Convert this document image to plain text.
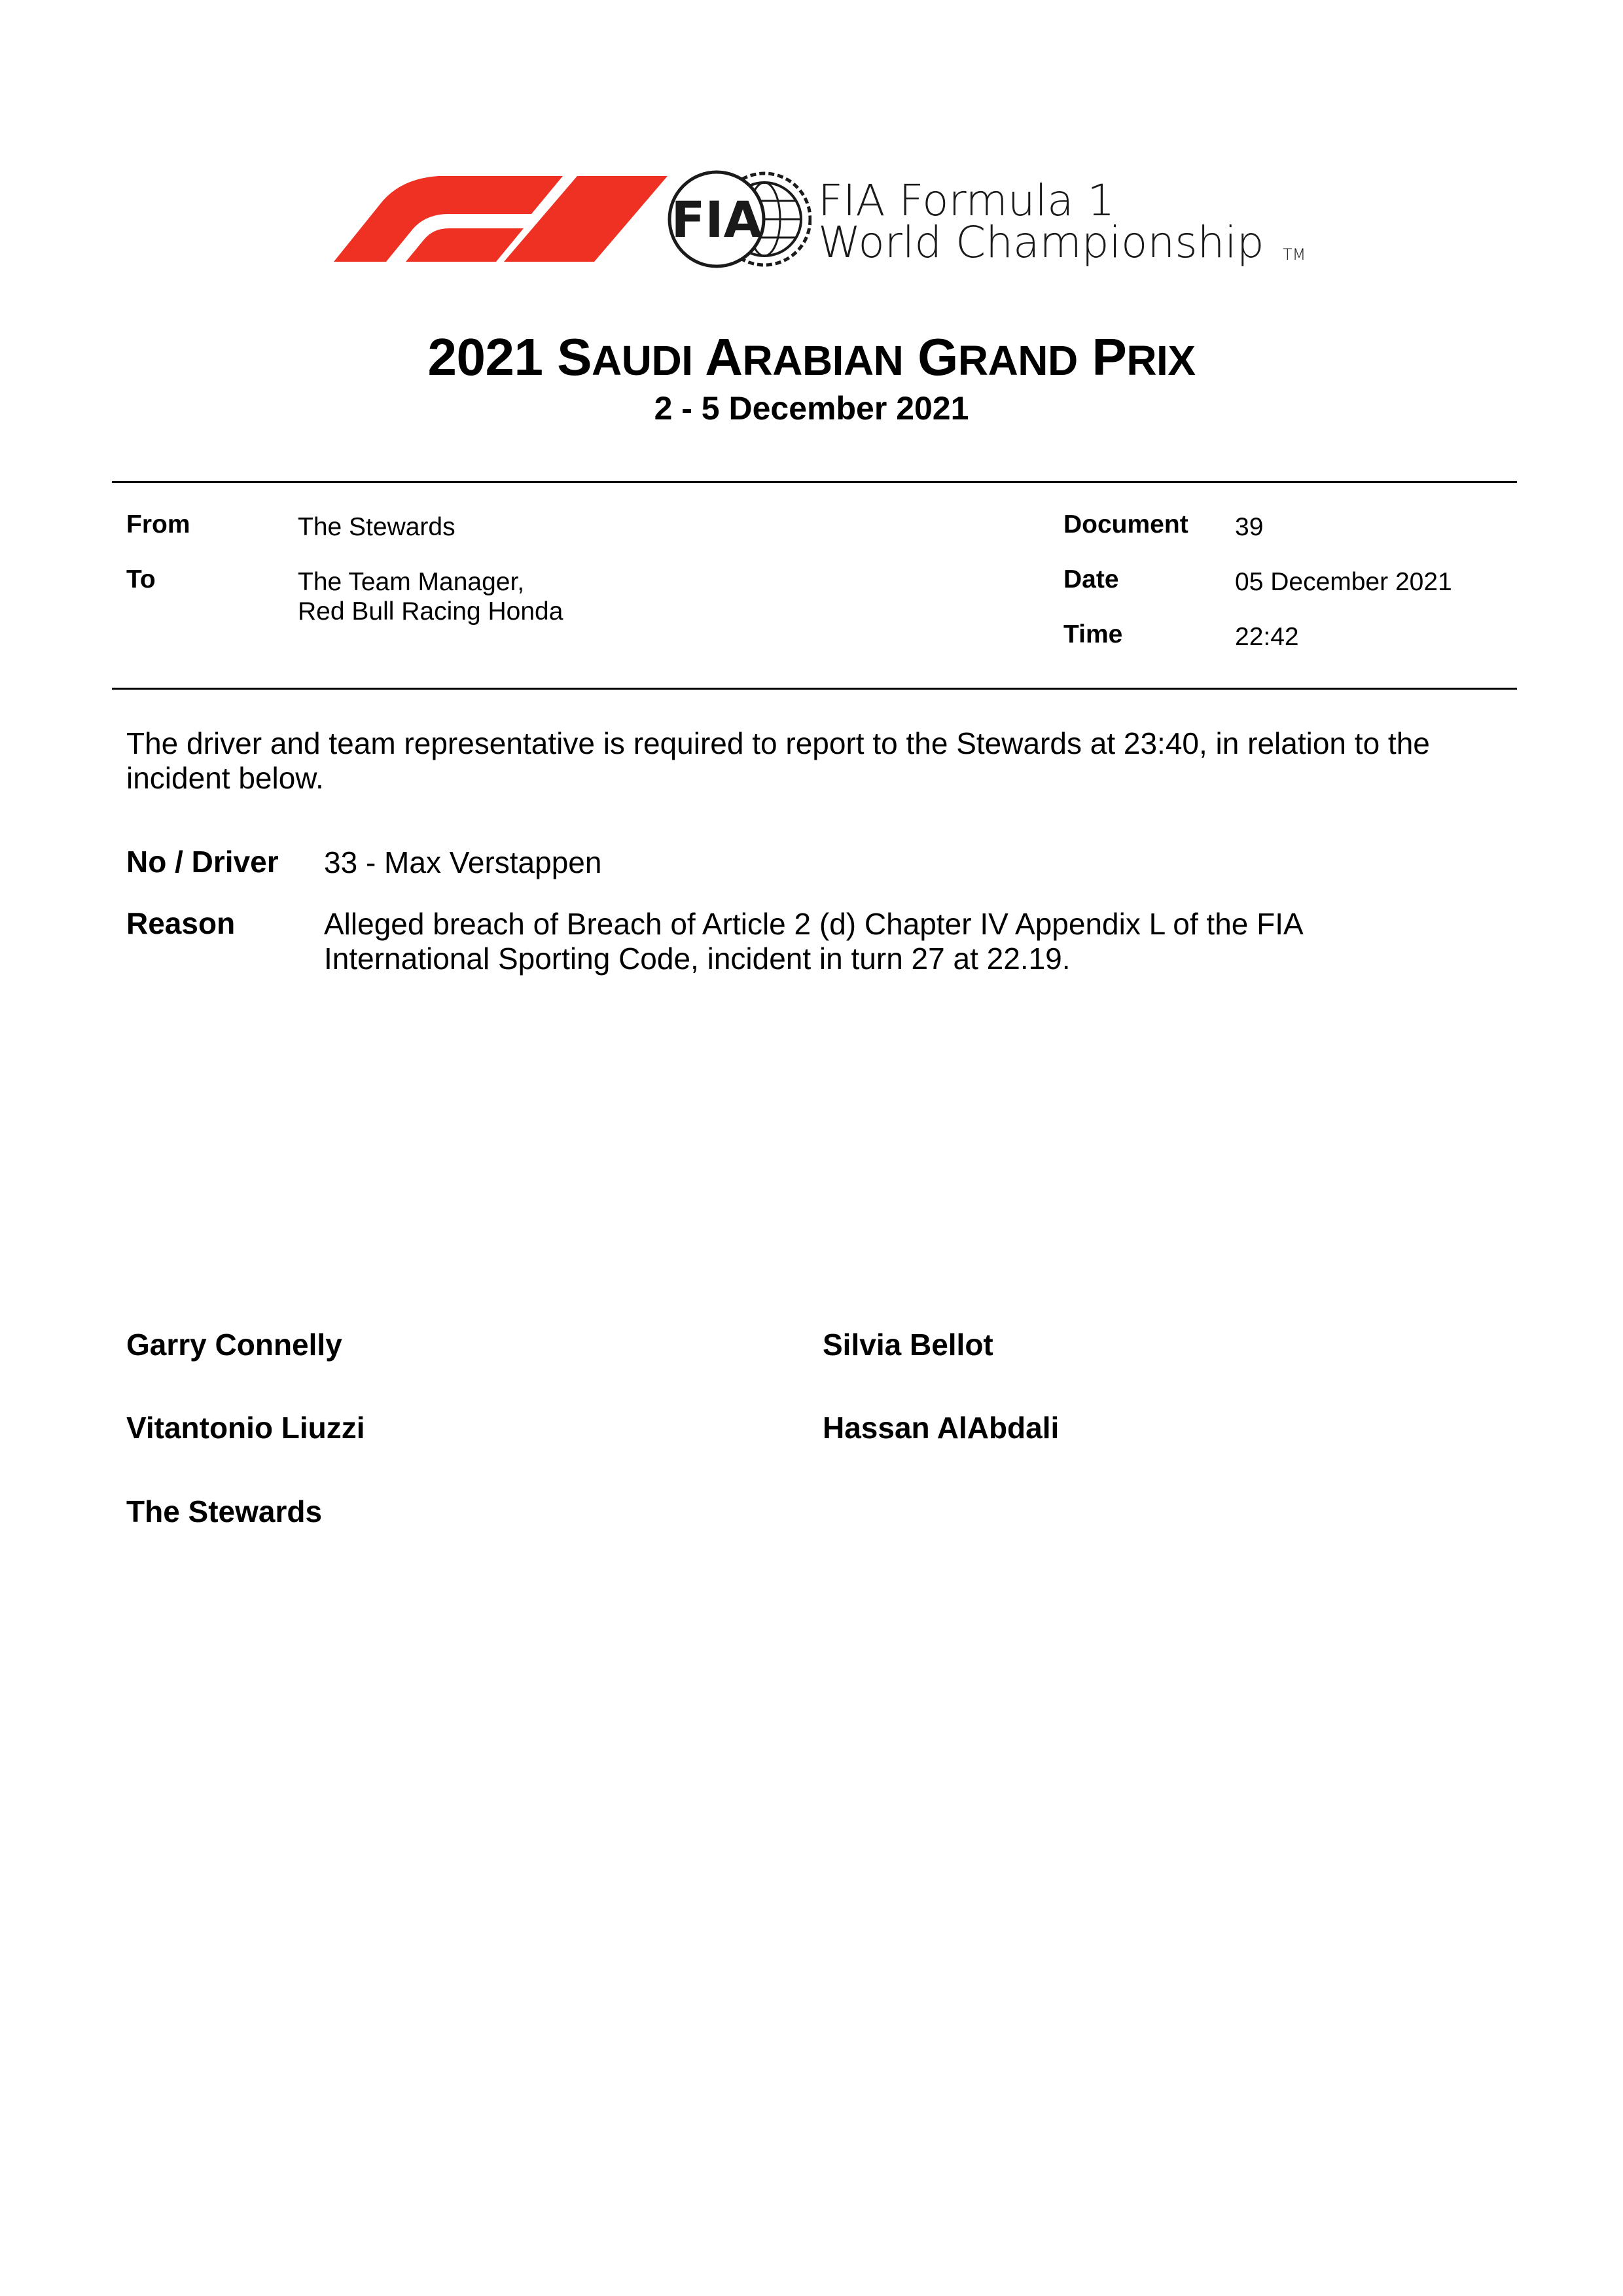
FIA FIA Formula 1
World Championship TM
2021 SAUDI ARABIAN GRAND PRIX
2 - 5 December 2021
From	The Stewards
To	The Team Manager,
Red Bull Racing Honda
Document 39
Date	05 December 2021
Time	22:42
The driver and team representative is required to report to the Stewards at 23:40, in relation to the
incident below.
No / Driver 33 - Max Verstappen
Reason	Alleged breach of Breach of Article 2 (d) Chapter IV Appendix L of the FIA
International Sporting Code, incident in turn 27 at 22.19.
Garry Connelly	Silvia Bellot
Vitantonio Liuzzi	Hassan AlAbdali
The Stewards
